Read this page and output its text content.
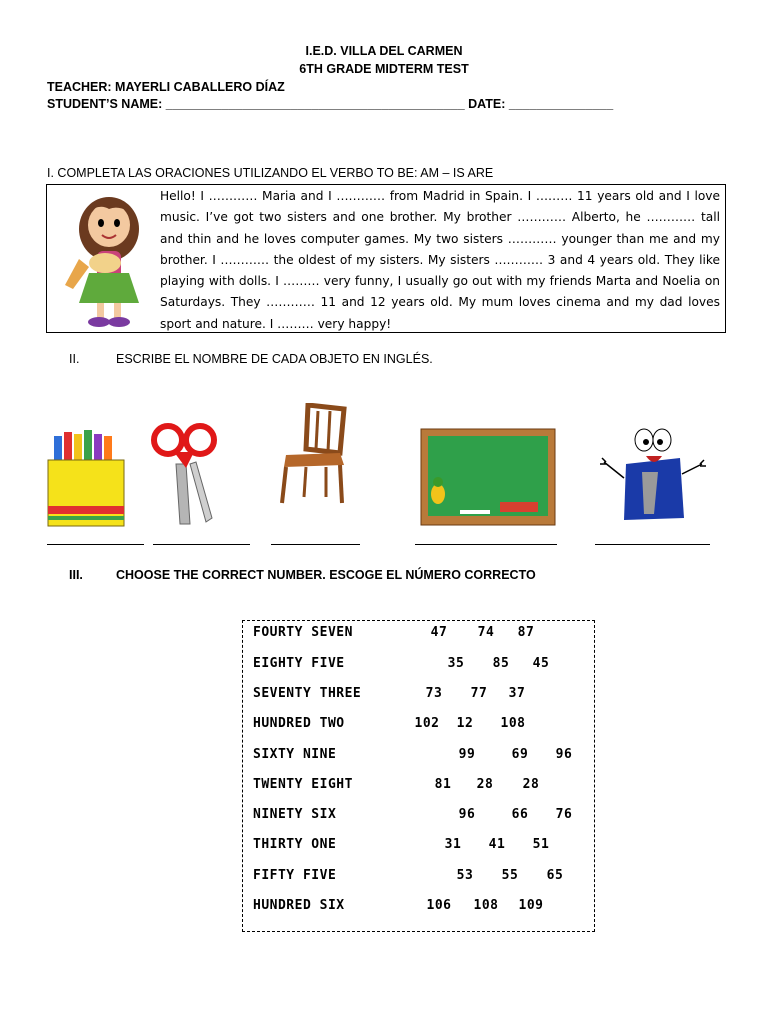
I.E.D. VILLA DEL CARMEN
6TH GRADE MIDTERM TEST
TEACHER: MAYERLI CABALLERO DÍAZ
STUDENT’S NAME: ___________________________________________ DATE: _______________
I. COMPLETA LAS ORACIONES UTILIZANDO EL VERBO TO BE: AM – IS ARE
Hello! I ………… Maria and I ………… from Madrid in Spain. I ……… 11 years old and I love music. I’ve got two sisters and one brother. My brother ………… Alberto, he ………… tall and thin and he loves computer games. My two sisters ………… younger than me and my brother. I ………… the oldest of my sisters. My sisters ………… 3 and 4 years old. They like playing with dolls. I ……… very funny, I usually go out with my friends Marta and Noelia on Saturdays. They ………… 11 and 12 years old. My mum loves cinema and my dad loves sport and nature. I ……… very happy!
II.	ESCRIBE EL NOMBRE DE CADA OBJETO EN INGLÉS.
III.	CHOOSE THE CORRECT NUMBER. ESCOGE EL NÚMERO CORRECTO
FOURTY SEVEN	47	74	87
EIGHTY FIVE	35	85	45
SEVENTY THREE	73	77	37
HUNDRED TWO	102	12	108
SIXTY NINE	99	69	96
TWENTY EIGHT	81	28	28
NINETY SIX	96	66	76
THIRTY ONE	31	41	51
FIFTY FIVE	53	55	65
HUNDRED SIX	106 108 109
